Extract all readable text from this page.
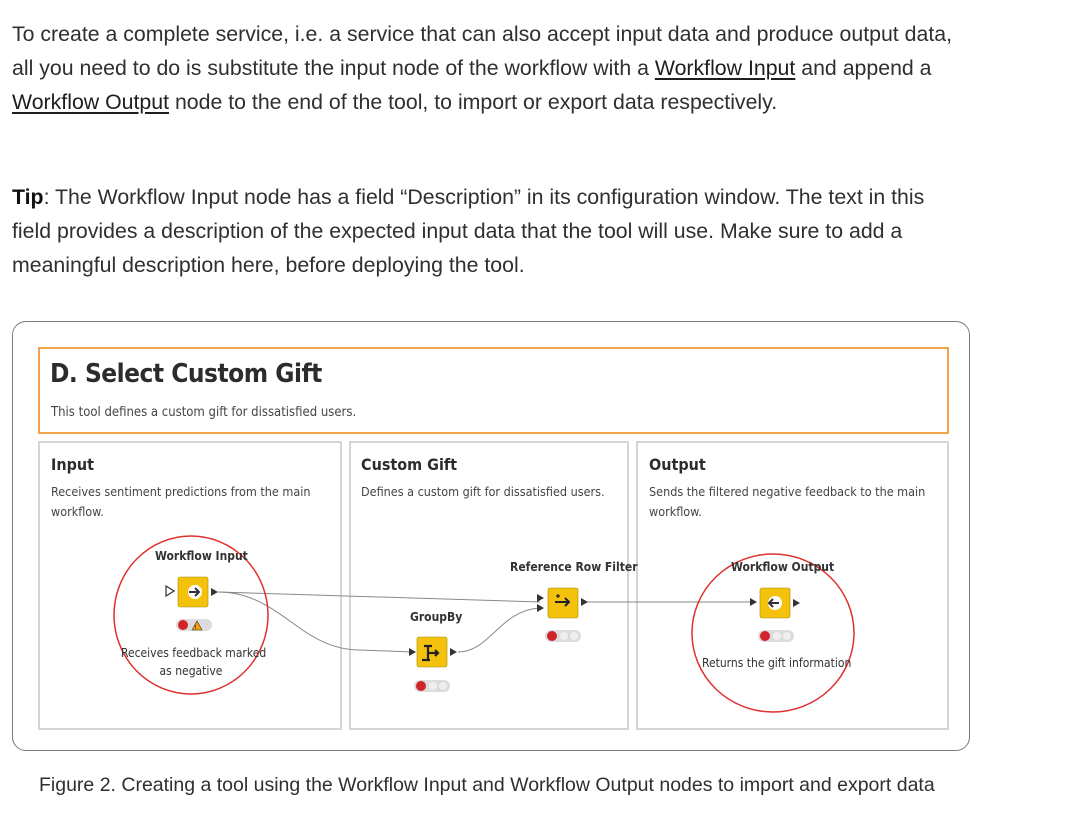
To create a complete service, i.e. a service that can also accept input data and produce output data, all you need to do is substitute the input node of the workflow with a Workflow Input and append a Workflow Output node to the end of the tool, to import or export data respectively.

Tip: The Workflow Input node has a field “Description” in its configuration window. The text in this field provides a description of the expected input data that the tool will use. Make sure to add a meaningful description here, before deploying the tool.

D. Select Custom Gift
This tool defines a custom gift for dissatisfied users.
Input
Receives sentiment predictions from the main
workflow.
Custom Gift
Defines a custom gift for dissatisfied users.
Output
Sends the filtered negative feedback to the main
workflow.
!
Workflow Input
Receives feedback marked
as negative
GroupBy
Reference Row Filter	Workflow Output
Returns the gift information
Figure 2. Creating a tool using the Workflow Input and Workflow Output nodes to import and export data
